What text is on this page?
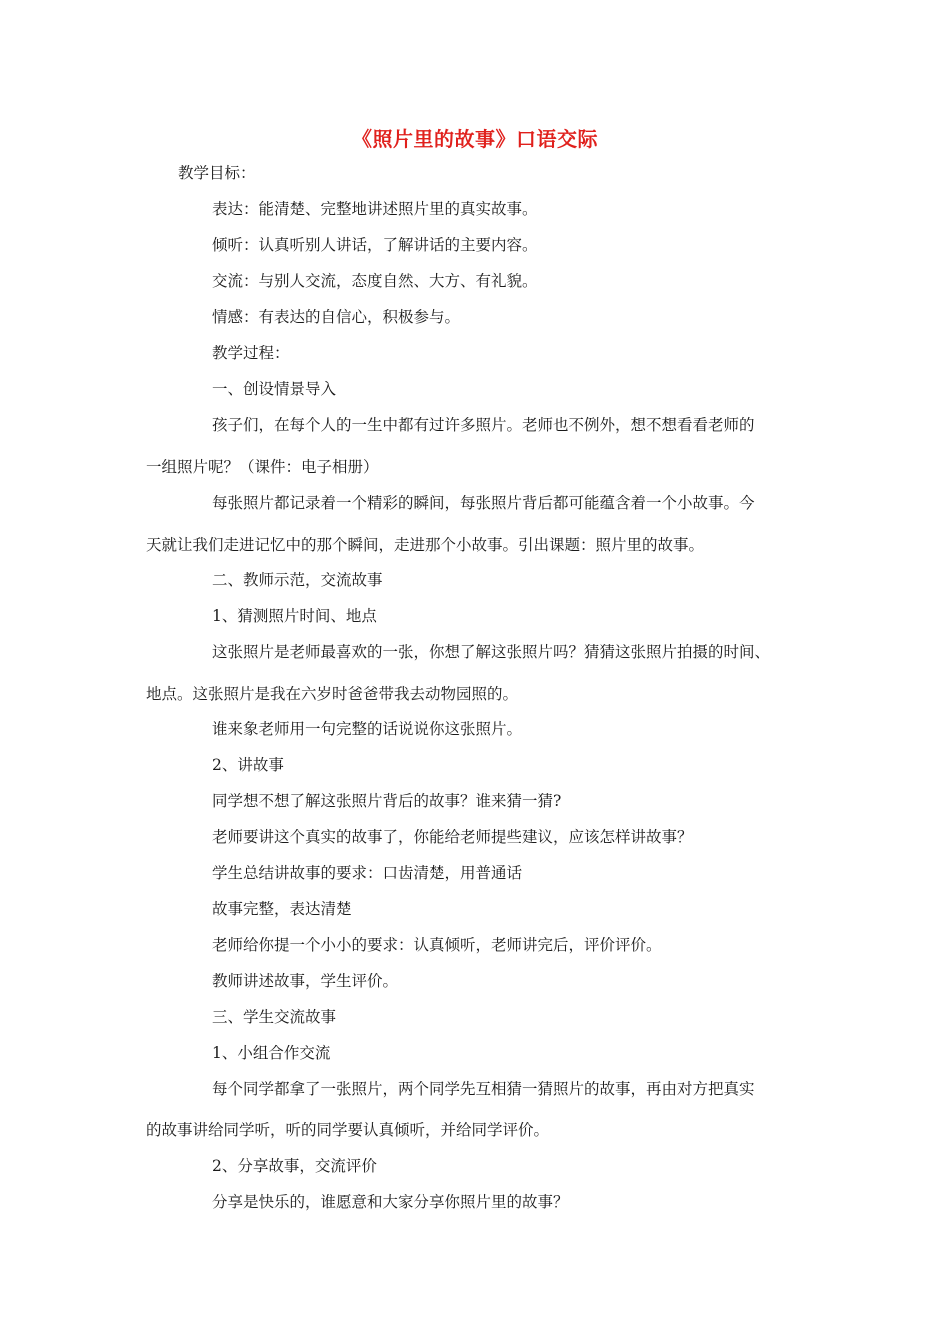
《照片里的故事》口语交际
教学目标：
表达：能清楚、完整地讲述照片里的真实故事。
倾听：认真听别人讲话，了解讲话的主要内容。
交流：与别人交流，态度自然、大方、有礼貌。
情感：有表达的自信心，积极参与。
教学过程：
一、创设情景导入
孩子们，在每个人的一生中都有过许多照片。老师也不例外，想不想看看老师的
一组照片呢？（课件：电子相册）
每张照片都记录着一个精彩的瞬间，每张照片背后都可能蕴含着一个小故事。今
天就让我们走进记忆中的那个瞬间，走进那个小故事。引出课题：照片里的故事。
二、教师示范，交流故事
1、猜测照片时间、地点
这张照片是老师最喜欢的一张，你想了解这张照片吗？猜猜这张照片拍摄的时间、
地点。这张照片是我在六岁时爸爸带我去动物园照的。
谁来象老师用一句完整的话说说你这张照片。
2、讲故事
同学想不想了解这张照片背后的故事？谁来猜一猜?
老师要讲这个真实的故事了，你能给老师提些建议，应该怎样讲故事？
学生总结讲故事的要求：口齿清楚，用普通话
故事完整，表达清楚
老师给你提一个小小的要求：认真倾听，老师讲完后，评价评价。
教师讲述故事，学生评价。
三、学生交流故事
1、小组合作交流
每个同学都拿了一张照片，两个同学先互相猜一猜照片的故事，再由对方把真实
的故事讲给同学听，听的同学要认真倾听，并给同学评价。
2、分享故事，交流评价
分享是快乐的，谁愿意和大家分享你照片里的故事？
